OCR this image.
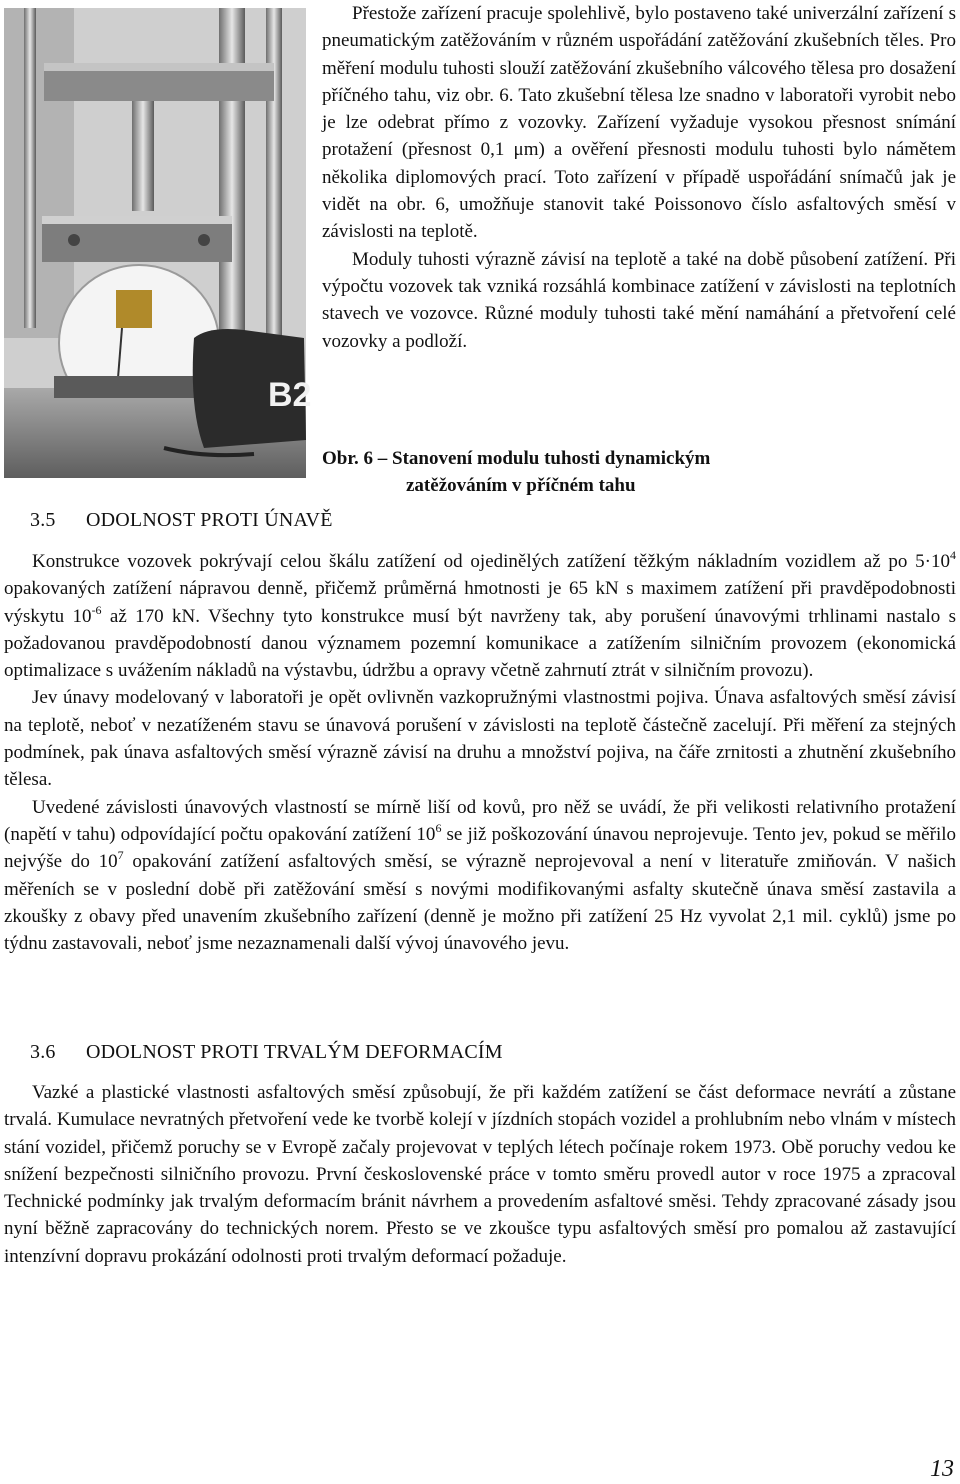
B2

Přestože zařízení pracuje spolehlivě, bylo postaveno také univerzální zařízení s pneumatickým zatěžováním v různém uspořádání zatěžování zkušebních těles. Pro měření modulu tuhosti slouží zatěžování zkušebního válcového tělesa pro dosažení příčného tahu, viz obr. 6. Tato zkušební tělesa lze snadno v laboratoři vyrobit nebo je lze odebrat přímo z vozovky. Zařízení vyžaduje vysokou přesnost snímání protažení (přesnost 0,1 μm) a ověření přesnosti modulu tuhosti bylo námětem několika diplomových prací. Toto zařízení v případě uspořádání snímačů jak je vidět na obr. 6, umožňuje stanovit také Poissonovo číslo asfaltových směsí v závislosti na teplotě.

Moduly tuhosti výrazně závisí na teplotě a také na době působení zatížení. Při výpočtu vozovek tak vzniká rozsáhlá kombinace zatížení v závislosti na teplotních stavech ve vozovce. Různé moduly tuhosti také mění namáhání a přetvoření celé vozovky a podloží.

Obr. 6 – Stanovení modulu tuhosti dynamickým
zatěžováním v příčném tahu
3.5 ODOLNOST PROTI ÚNAVĚ

Konstrukce vozovek pokrývají celou škálu zatížení od ojedinělých zatížení těžkým nákladním vozidlem až po $5\cdot 10^4$ opakovaných zatížení nápravou denně, přičemž průměrná hmotnosti je 65 kN s maximem zatížení při pravděpodobnosti výskytu $10^{-6}$ až 170 kN. Všechny tyto konstrukce musí být navrženy tak, aby porušení únavovými trhlinami nastalo s požadovanou pravděpodobností danou významem pozemní komunikace a zatížením silničním provozem (ekonomická optimalizace s uvážením nákladů na výstavbu, údržbu a opravy včetně zahrnutí ztrát v silničním provozu).

Jev únavy modelovaný v laboratoři je opět ovlivněn vazkopružnými vlastnostmi pojiva. Únava asfaltových směsí závisí na teplotě, neboť v nezatíženém stavu se únavová porušení v závislosti na teplotě částečně zacelují. Při měření za stejných podmínek, pak únava asfaltových směsí výrazně závisí na druhu a množství pojiva, na čáře zrnitosti a zhutnění zkušebního tělesa.

Uvedené závislosti únavových vlastností se mírně liší od kovů, pro něž se uvádí, že při velikosti relativního protažení (napětí v tahu) odpovídající počtu opakování zatížení $10^6$ se již poškozování únavou neprojevuje. Tento jev, pokud se měřilo nejvýše do $10^7$ opakování zatížení asfaltových směsí, se výrazně neprojevoval a není v literatuře zmiňován. V našich měřeních se v poslední době při zatěžování směsí s novými modifikovanými asfalty skutečně únava směsí zastavila a zkoušky z obavy před unavením zkušebního zařízení (denně je možno při zatížení 25 Hz vyvolat 2,1 mil. cyklů) jsme po týdnu zastavovali, neboť jsme nezaznamenali další vývoj únavového jevu.

3.6 ODOLNOST PROTI TRVALÝM DEFORMACÍM

Vazké a plastické vlastnosti asfaltových směsí způsobují, že při každém zatížení se část deformace nevrátí a zůstane trvalá. Kumulace nevratných přetvoření vede ke tvorbě kolejí v jízdních stopách vozidel a prohlubním nebo vlnám v místech stání vozidel, přičemž poruchy se v Evropě začaly projevovat v teplých létech počínaje rokem 1973. Obě poruchy vedou ke snížení bezpečnosti silničního provozu. První československé práce v tomto směru provedl autor v roce 1975 a zpracoval Technické podmínky jak trvalým deformacím bránit návrhem a provedením asfaltové směsi. Tehdy zpracované zásady jsou nyní běžně zapracovány do technických norem. Přesto se ve zkoušce typu asfaltových směsí pro pomalou až zastavující intenzívní dopravu prokázání odolnosti proti trvalým deformací požaduje.

13
